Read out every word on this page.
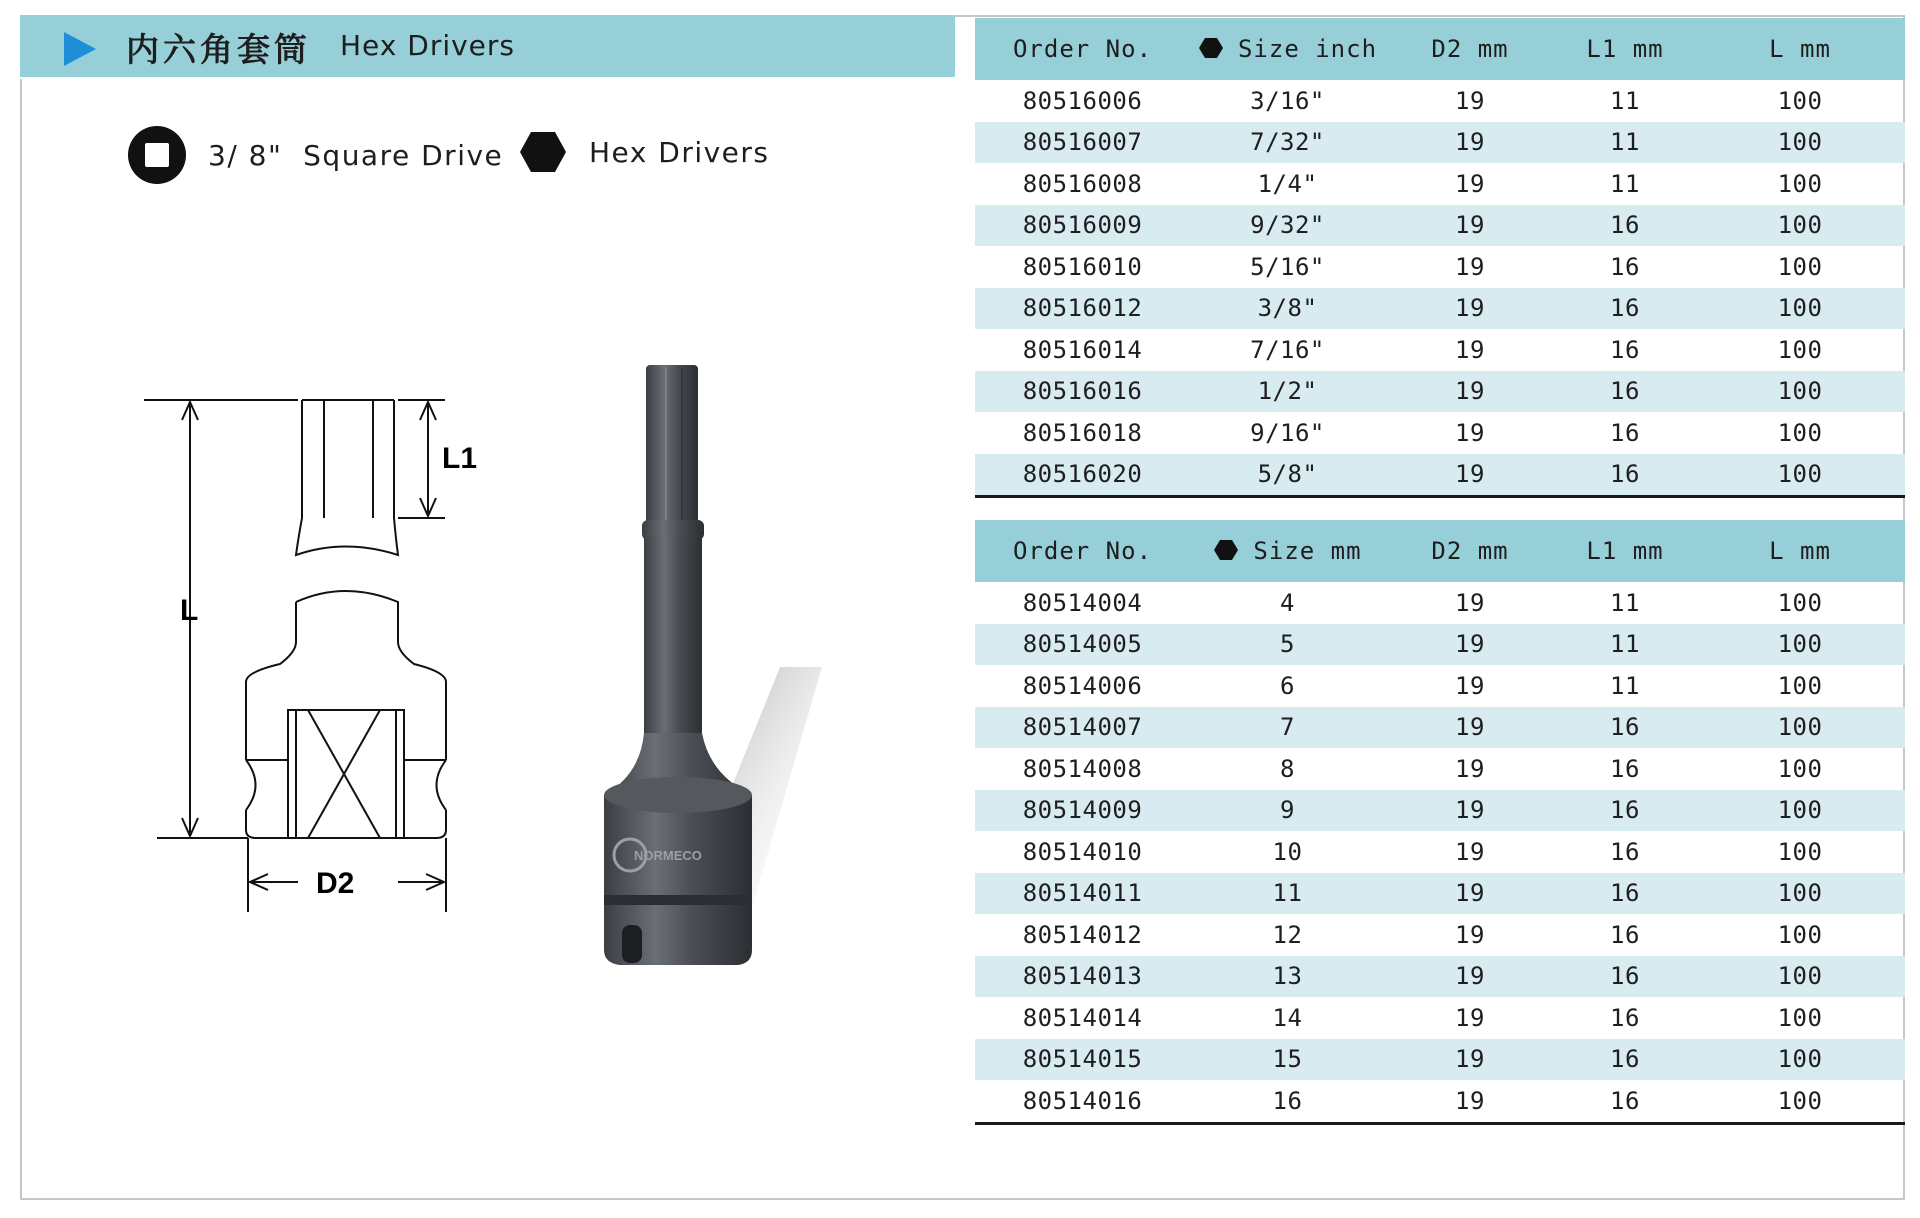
内六角套筒 Hex Drivers
3/ 8"  Square Drive	Hex Drivers
L1
L
D2
NORMECO
Order No.	Size inch	D2 mm	L1 mm	L mm
80516006	3/16"	19	11	100
80516007	7/32"	19	11	100
80516008	1/4"	19	11	100
80516009	9/32"	19	16	100
80516010	5/16"	19	16	100
80516012	3/8"	19	16	100
80516014	7/16"	19	16	100
80516016	1/2"	19	16	100
80516018	9/16"	19	16	100
80516020	5/8"	19	16	100
Order No.	Size mm	D2 mm	L1 mm	L mm
80514004	4	19	11	100
80514005	5	19	11	100
80514006	6	19	11	100
80514007	7	19	16	100
80514008	8	19	16	100
80514009	9	19	16	100
80514010	10	19	16	100
80514011	11	19	16	100
80514012	12	19	16	100
80514013	13	19	16	100
80514014	14	19	16	100
80514015	15	19	16	100
80514016	16	19	16	100
